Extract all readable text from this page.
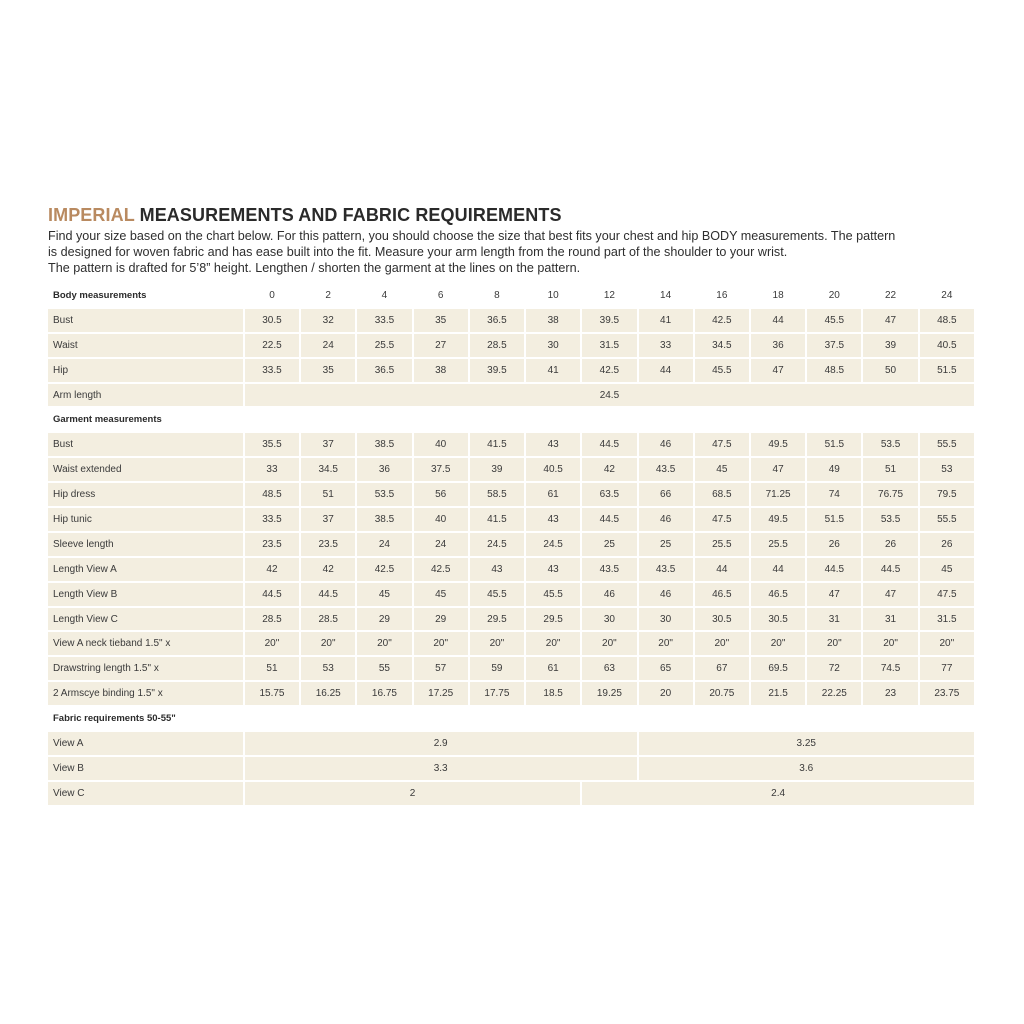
IMPERIAL MEASUREMENTS AND FABRIC REQUIREMENTS

Find your size based on the chart below. For this pattern, you should choose the size that best fits your chest and hip BODY measurements. The pattern

is designed for woven fabric and has ease built into the fit. Measure your arm length from the round part of the shoulder to your wrist.

The pattern is drafted for 5’8” height. Lengthen / shorten the garment at the lines on the pattern.

Body measurements	0	2	4	6	8	10	12	14	16	18	20	22	24
Bust	30.5	32	33.5	35	36.5	38	39.5	41	42.5	44	45.5	47	48.5
Waist	22.5	24	25.5	27	28.5	30	31.5	33	34.5	36	37.5	39	40.5
Hip	33.5	35	36.5	38	39.5	41	42.5	44	45.5	47	48.5	50	51.5
Arm length	24.5												
Garment measurements													
Bust	35.5	37	38.5	40	41.5	43	44.5	46	47.5	49.5	51.5	53.5	55.5
Waist extended	33	34.5	36	37.5	39	40.5	42	43.5	45	47	49	51	53
Hip dress	48.5	51	53.5	56	58.5	61	63.5	66	68.5	71.25	74	76.75	79.5
Hip tunic	33.5	37	38.5	40	41.5	43	44.5	46	47.5	49.5	51.5	53.5	55.5
Sleeve length	23.5	23.5	24	24	24.5	24.5	25	25	25.5	25.5	26	26	26
Length View A	42	42	42.5	42.5	43	43	43.5	43.5	44	44	44.5	44.5	45
Length View B	44.5	44.5	45	45	45.5	45.5	46	46	46.5	46.5	47	47	47.5
Length View C	28.5	28.5	29	29	29.5	29.5	30	30	30.5	30.5	31	31	31.5
View A neck tieband 1.5" x	20"	20"	20"	20"	20"	20"	20"	20"	20"	20"	20"	20"	20"
Drawstring length 1.5" x	51	53	55	57	59	61	63	65	67	69.5	72	74.5	77
2 Armscye binding 1.5" x	15.75	16.25	16.75	17.25	17.75	18.5	19.25	20	20.75	21.5	22.25	23	23.75
Fabric requirements 50-55"													
View A	2.9							3.25					
View B	3.3							3.6					
View C	2						2.4						
